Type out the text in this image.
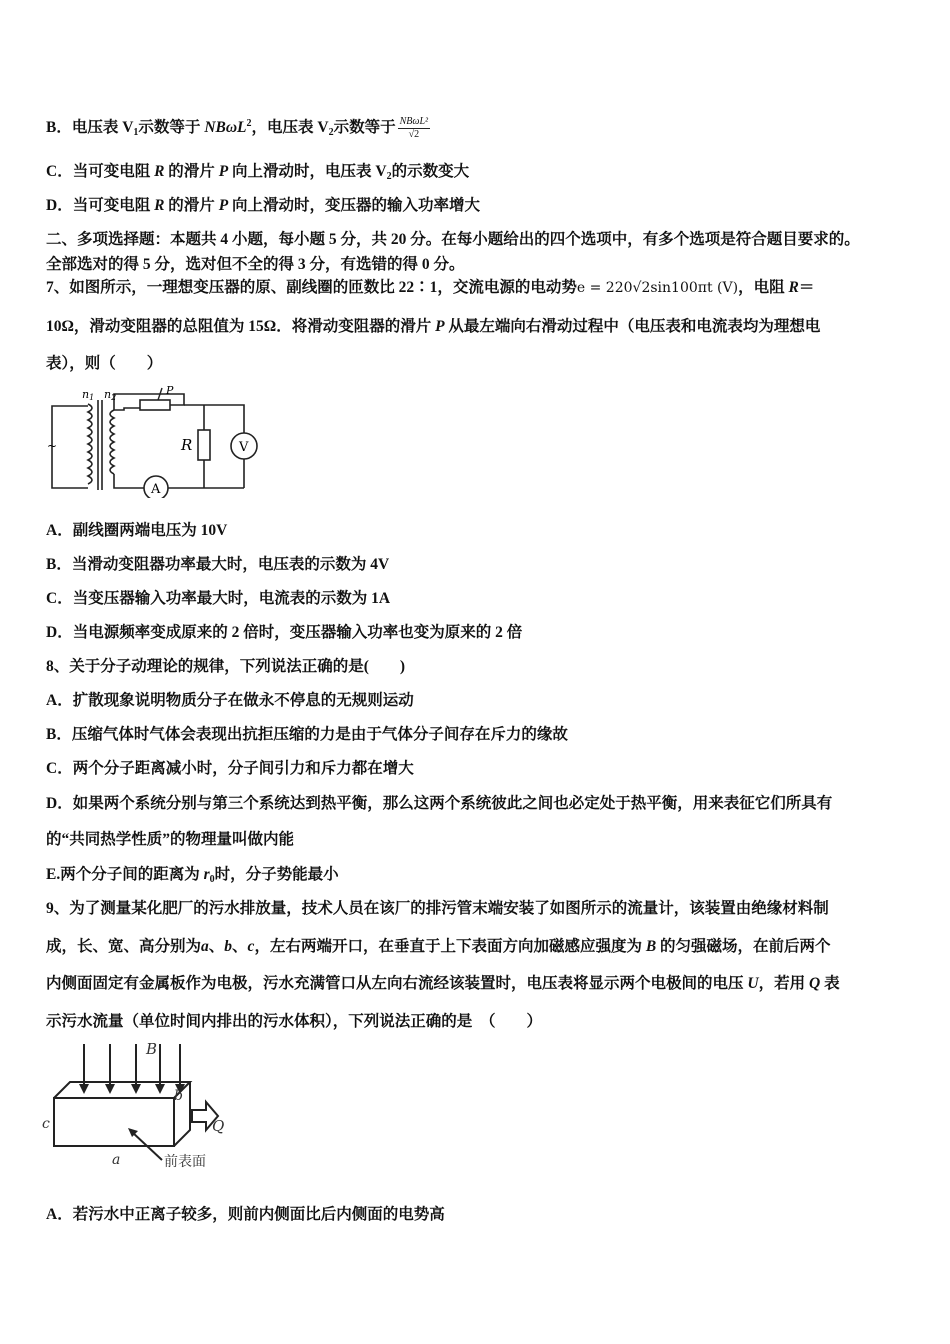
B．电压表 $V_1$示数等于 NBωL$^2$，电压表 $V_2$示数等于 $\frac{\text{NBωL²}}{√2}$
C．当可变电阻 R 的滑片 P 向上滑动时，电压表 $V_2$的示数变大
D．当可变电阻 R 的滑片 P 向上滑动时，变压器的输入功率增大
二、多项选择题：本题共 4 小题，每小题 5 分，共 20 分。在每小题给出的四个选项中，有多个选项是符合题目要求的。
全部选对的得 5 分，选对但不全的得 3 分，有选错的得 0 分。
7、如图所示，一理想变压器的原、副线圈的匝数比 22∶1，交流电源的电动势e = 220√2sin100πt (V)，电阻 R＝
10Ω，滑动变阻器的总阻值为 15Ω．将滑动变阻器的滑片 P 从最左端向右滑动过程中（电压表和电流表均为理想电
表），则（　　）
A
V
R
P
n1 n2
~
A．副线圈两端电压为 10V
B．当滑动变阻器功率最大时，电压表的示数为 4V
C．当变压器输入功率最大时，电流表的示数为 1A
D．当电源频率变成原来的 2 倍时，变压器输入功率也变为原来的 2 倍
8、关于分子动理论的规律，下列说法正确的是(　　)
A．扩散现象说明物质分子在做永不停息的无规则运动
B．压缩气体时气体会表现出抗拒压缩的力是由于气体分子间存在斥力的缘故
C．两个分子距离减小时，分子间引力和斥力都在增大
D．如果两个系统分别与第三个系统达到热平衡，那么这两个系统彼此之间也必定处于热平衡，用来表征它们所具有
的“共同热学性质”的物理量叫做内能
E.两个分子间的距离为 $r_0$时，分子势能最小
9、为了测量某化肥厂的污水排放量，技术人员在该厂的排污管末端安装了如图所示的流量计，该装置由绝缘材料制
成，长、宽、高分别为a、b、c，左右两端开口，在垂直于上下表面方向加磁感应强度为 B 的匀强磁场，在前后两个
内侧面固定有金属板作为电极，污水充满管口从左向右流经该装置时，电压表将显示两个电极间的电压 U，若用 Q 表
示污水流量（单位时间内排出的污水体积），下列说法正确的是　（　　）
B
b
c	Q
a	前表面
A．若污水中正离子较多，则前内侧面比后内侧面的电势高
